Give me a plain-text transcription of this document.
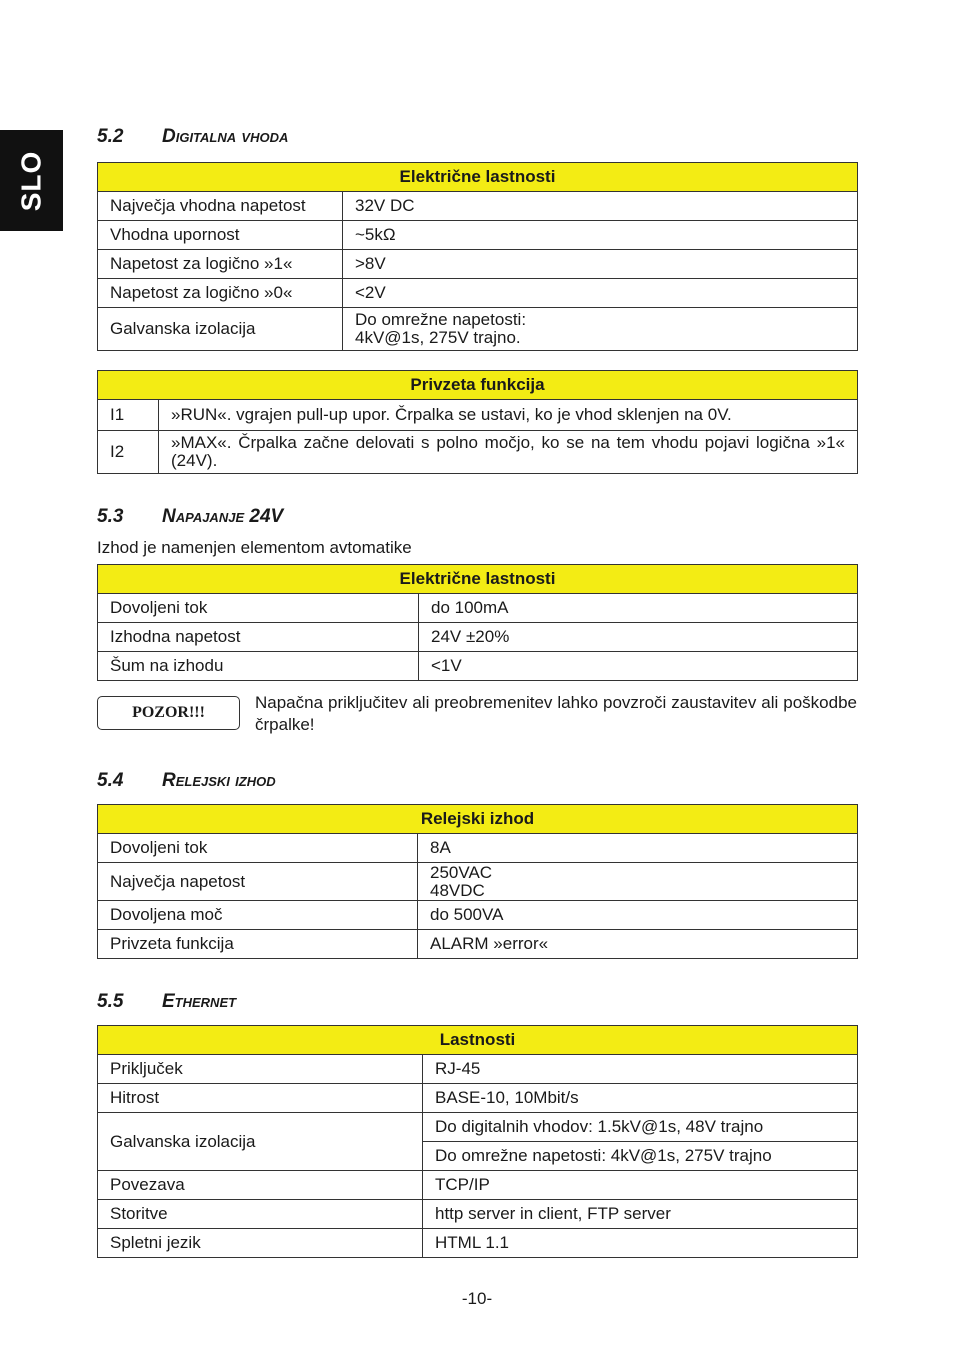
SLO
5.2 Digitalna vhoda
Električne lastnosti	
Največja vhodna napetost	32V DC
Vhodna upornost	~5kΩ
Napetost za logično »1«	>8V
Napetost za logično »0«	<2V
Galvanska izolacija	Do omrežne napetosti:
4kV@1s, 275V trajno.
Privzeta funkcija	
I1	»RUN«. vgrajen pull-up upor. Črpalka se ustavi, ko je vhod sklenjen na 0V.
I2	»MAX«. Črpalka začne delovati s polno močjo, ko se na tem vhodu pojavi logična »1« (24V).
5.3 Napajanje 24V

Izhod je namenjen elementom avtomatike

Električne lastnosti	
Dovoljeni tok	do 100mA
Izhodna napetost	24V ±20%
Šum na izhodu	<1V
POZOR!!!

Napačna priključitev ali preobremenitev lahko povzroči zaustavitev ali poškodbe črpalke!

5.4 Relejski izhod
Relejski izhod	
Dovoljeni tok	8A
Največja napetost	250VAC
48VDC

Dovoljena moč	do 500VA
Privzeta funkcija	ALARM »error«
5.5 Ethernet
Lastnosti	
Priključek	RJ-45
Hitrost	BASE-10, 10Mbit/s
Galvanska izolacija	Do digitalnih vhodov: 1.5kV@1s, 48V trajno
	Do omrežne napetosti: 4kV@1s, 275V trajno
Povezava	TCP/IP
Storitve	http server in client, FTP server
Spletni jezik	HTML 1.1
-10-
